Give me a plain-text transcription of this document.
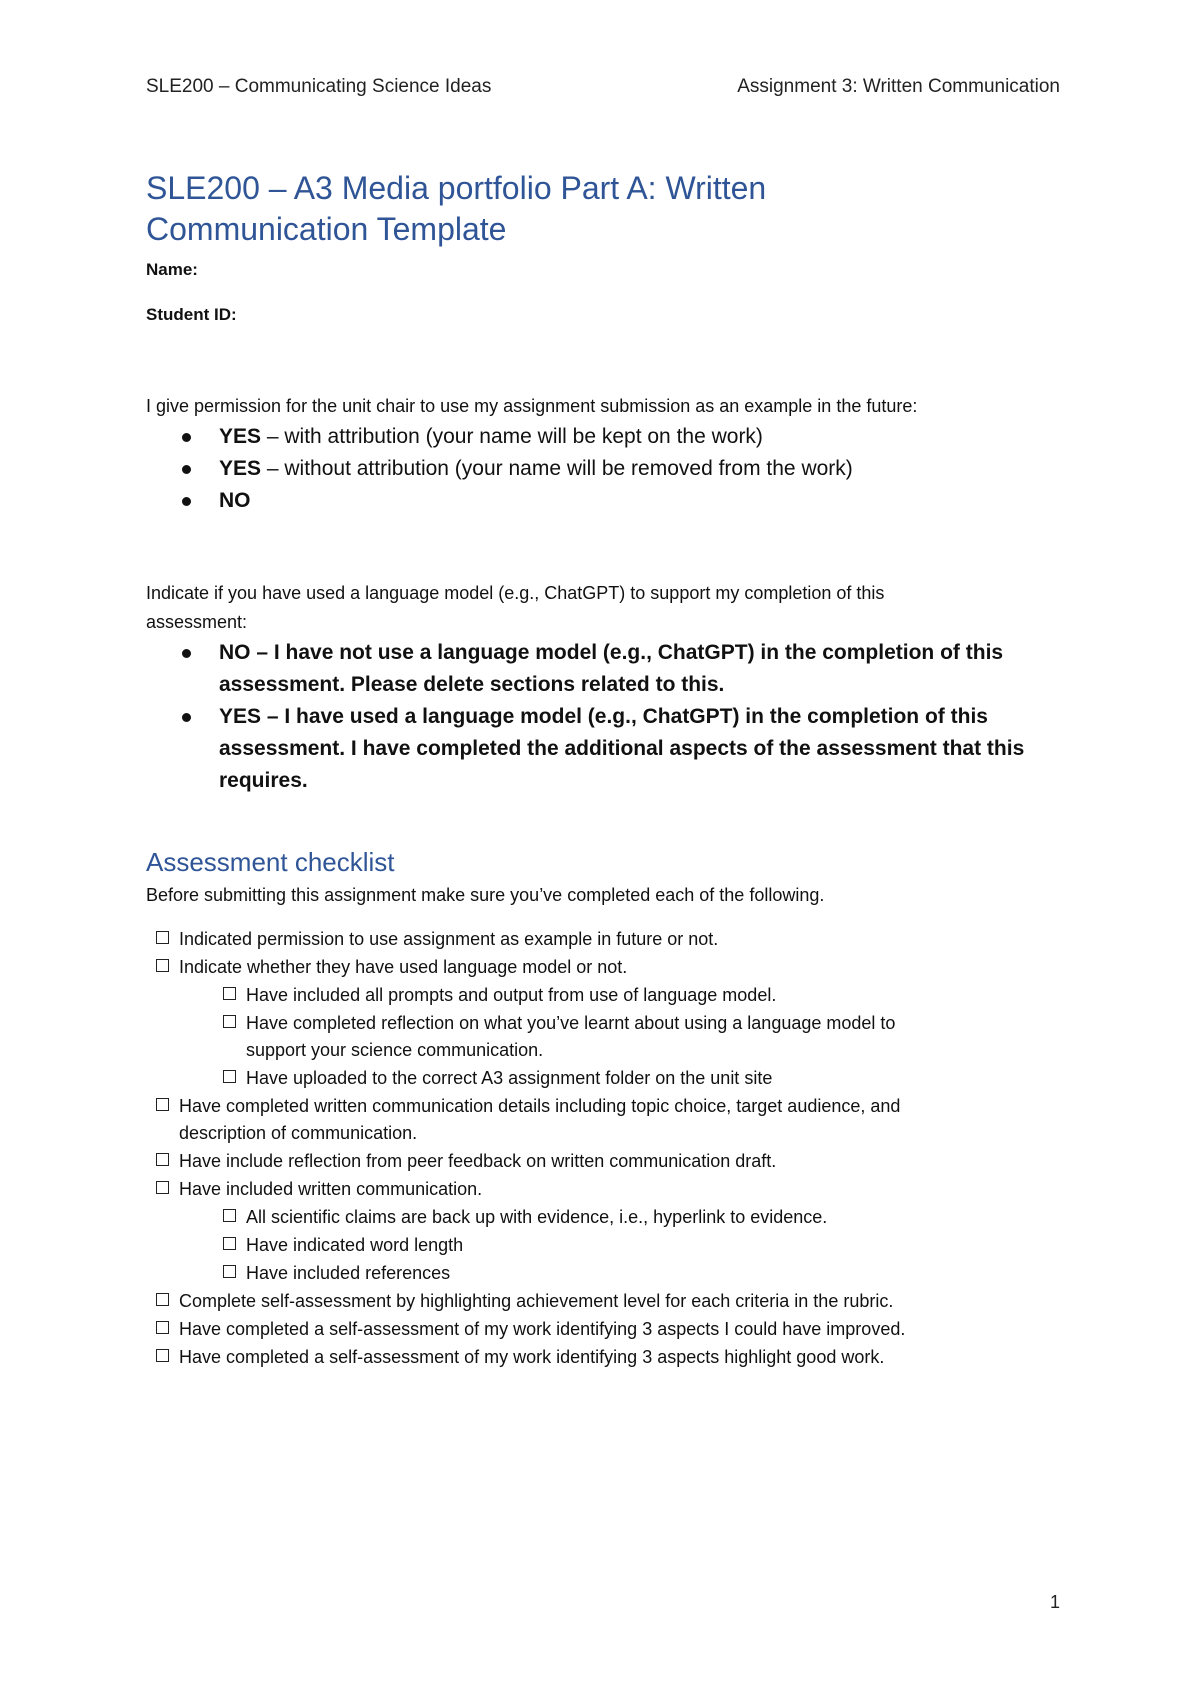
SLE200 – Communicating Science Ideas	Assignment 3: Written Communication
SLE200 – A3 Media portfolio Part A: Written
Communication Template

Name:

Student ID:

I give permission for the unit chair to use my assignment submission as an example in the future:

YES – with attribution (your name will be kept on the work)
YES – without attribution (your name will be removed from the work)
NO

Indicate if you have used a language model (e.g., ChatGPT) to support my completion of this
assessment:

NO – I have not use a language model (e.g., ChatGPT) in the completion of this
assessment. Please delete sections related to this.
YES – I have used a language model (e.g., ChatGPT) in the completion of this
assessment. I have completed the additional aspects of the assessment that this
requires.
Assessment checklist

Before submitting this assignment make sure you’ve completed each of the following.

Indicated permission to use assignment as example in future or not.
Indicate whether they have used language model or not.
Have included all prompts and output from use of language model.
Have completed reflection on what you’ve learnt about using a language model to
support your science communication.
Have uploaded to the correct A3 assignment folder on the unit site
Have completed written communication details including topic choice, target audience, and
description of communication.
Have include reflection from peer feedback on written communication draft.
Have included written communication.
All scientific claims are back up with evidence, i.e., hyperlink to evidence.
Have indicated word length
Have included references
Complete self-assessment by highlighting achievement level for each criteria in the rubric.
Have completed a self-assessment of my work identifying 3 aspects I could have improved.
Have completed a self-assessment of my work identifying 3 aspects highlight good work.
1
